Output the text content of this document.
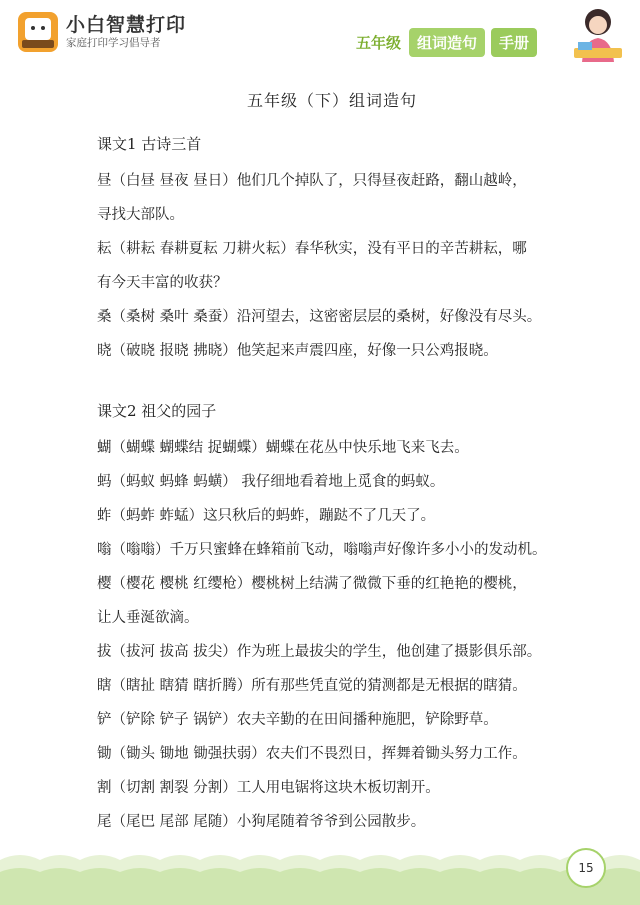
小白智慧打印
家庭打印学习倡导者	五年级	组词造句	手册
五年级（下）组词造句
课文1 古诗三首

昼（白昼 昼夜 昼日）他们几个掉队了，只得昼夜赶路，翻山越岭，

寻找大部队。

耘（耕耘 春耕夏耘 刀耕火耘）春华秋实，没有平日的辛苦耕耘，哪

有今天丰富的收获？

桑（桑树 桑叶 桑蚕）沿河望去，这密密层层的桑树，好像没有尽头。

晓（破晓 报晓 拂晓）他笑起来声震四座，好像一只公鸡报晓。

课文2 祖父的园子

蝴（蝴蝶 蝴蝶结 捉蝴蝶）蝴蝶在花丛中快乐地飞来飞去。

蚂（蚂蚁 蚂蜂 蚂蟥） 我仔细地看着地上觅食的蚂蚁。

蚱（蚂蚱 蚱蜢）这只秋后的蚂蚱，蹦跶不了几天了。

嗡（嗡嗡）千万只蜜蜂在蜂箱前飞动，嗡嗡声好像许多小小的发动机。

樱（樱花 樱桃 红缨枪）樱桃树上结满了微微下垂的红艳艳的樱桃，

让人垂涎欲滴。

拔（拔河 拔高 拔尖）作为班上最拔尖的学生，他创建了摄影俱乐部。

瞎（瞎扯 瞎猜 瞎折腾）所有那些凭直觉的猜测都是无根据的瞎猜。

铲（铲除 铲子 锅铲）农夫辛勤的在田间播种施肥，铲除野草。

锄（锄头 锄地 锄强扶弱）农夫们不畏烈日，挥舞着锄头努力工作。

割（切割 割裂 分割）工人用电锯将这块木板切割开。

尾（尾巴 尾部 尾随）小狗尾随着爷爷到公园散步。

15
